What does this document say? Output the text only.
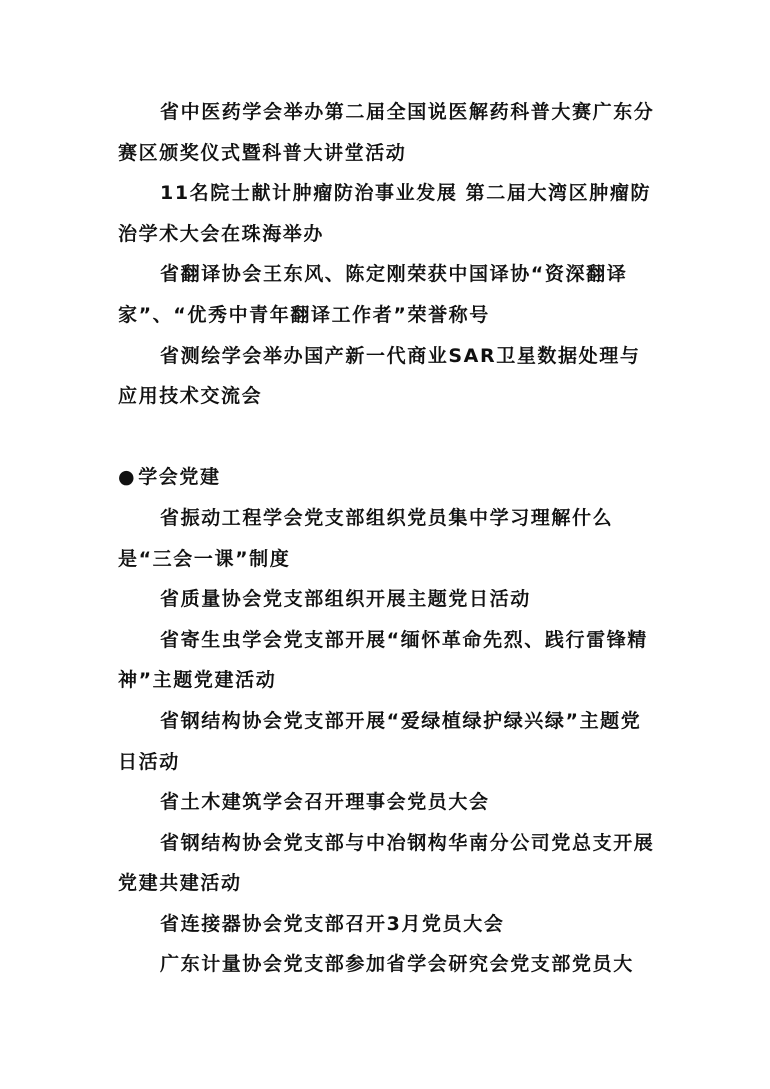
省中医药学会举办第二届全国说医解药科普大赛广东分赛区颁奖仪式暨科普大讲堂活动

11名院士献计肿瘤防治事业发展 第二届大湾区肿瘤防治学术大会在珠海举办

省翻译协会王东风、陈定刚荣获中国译协“资深翻译家”、“优秀中青年翻译工作者”荣誉称号

省测绘学会举办国产新一代商业SAR卫星数据处理与应用技术交流会

● 学会党建

省振动工程学会党支部组织党员集中学习理解什么是“三会一课”制度

省质量协会党支部组织开展主题党日活动

省寄生虫学会党支部开展“缅怀革命先烈、践行雷锋精神”主题党建活动

省钢结构协会党支部开展“爱绿植绿护绿兴绿”主题党日活动

省土木建筑学会召开理事会党员大会

省钢结构协会党支部与中冶钢构华南分公司党总支开展党建共建活动

省连接器协会党支部召开3月党员大会

广东计量协会党支部参加省学会研究会党支部党员大
